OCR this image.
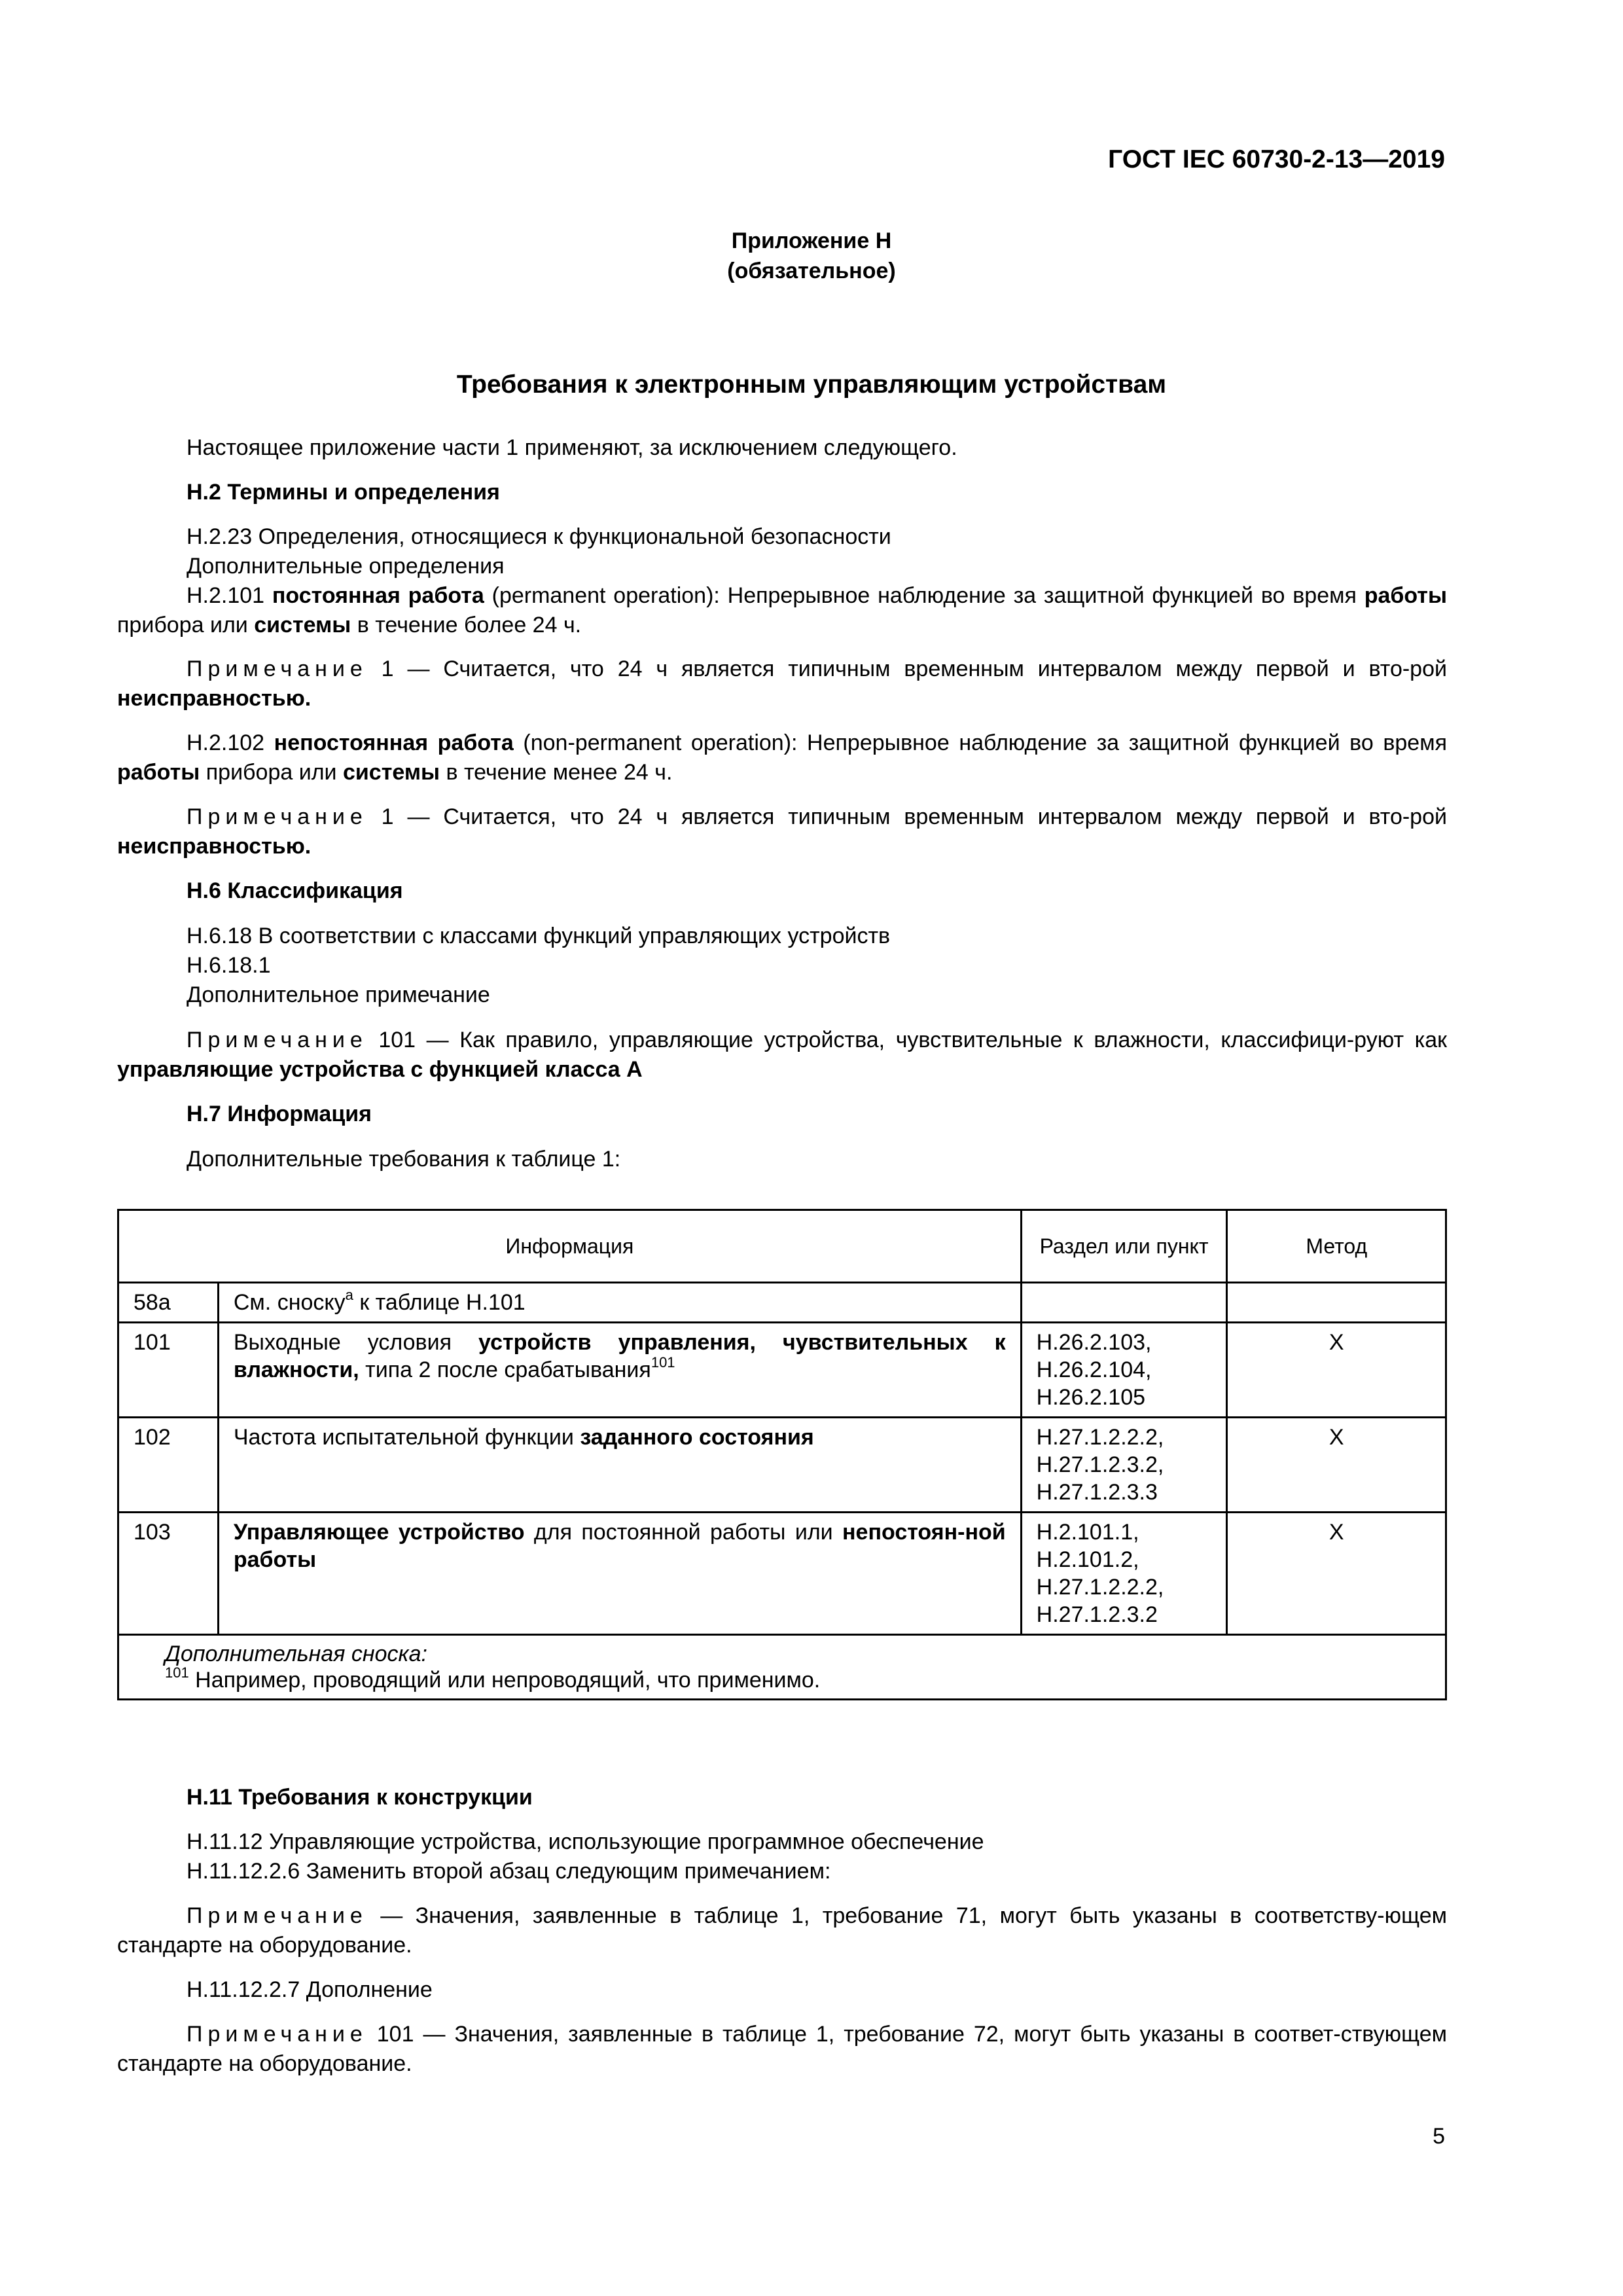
ГОСТ IEC 60730-2-13—2019
Приложение H
(обязательное)
Требования к электронным управляющим устройствам

Настоящее приложение части 1 применяют, за исключением следующего.

H.2 Термины и определения

H.2.23 Определения, относящиеся к функциональной безопасности

Дополнительные определения

H.2.101 постоянная работа (permanent operation): Непрерывное наблюдение за защитной функцией во время работы прибора или системы в течение более 24 ч.

Примечание 1 — Считается, что 24 ч является типичным временным интервалом между первой и вто-рой неисправностью.

H.2.102 непостоянная работа (non-permanent operation): Непрерывное наблюдение за защитной функцией во время работы прибора или системы в течение менее 24 ч.

Примечание 1 — Считается, что 24 ч является типичным временным интервалом между первой и вто-рой неисправностью.

H.6 Классификация

H.6.18 В соответствии с классами функций управляющих устройств

H.6.18.1

Дополнительное примечание

Примечание 101 — Как правило, управляющие устройства, чувствительные к влажности, классифици-руют как управляющие устройства с функцией класса А

H.7 Информация

Дополнительные требования к таблице 1:

Информация		Раздел или пункт	Метод
58a	См. сноску$^a$ к таблице H.101		
101	Выходные условия устройств управления, чувствительных к влажности, типа 2 после срабатывания$^{101}$	H.26.2.103,
H.26.2.104,
H.26.2.105	X
102	Частота испытательной функции заданного состояния	H.27.1.2.2.2,
H.27.1.2.3.2,
H.27.1.2.3.3	X
103	Управляющее устройство для постоянной работы или непостоян-ной работы	H.2.101.1,
H.2.101.2,
H.27.1.2.2.2,
H.27.1.2.3.2	X

Дополнительная сноска:
$^{101}$ Например, проводящий или непроводящий, что применимо.			

H.11 Требования к конструкции

H.11.12 Управляющие устройства, использующие программное обеспечение

H.11.12.2.6 Заменить второй абзац следующим примечанием:

Примечание — Значения, заявленные в таблице 1, требование 71, могут быть указаны в соответству-ющем стандарте на оборудование.

H.11.12.2.7 Дополнение

Примечание 101 — Значения, заявленные в таблице 1, требование 72, могут быть указаны в соответ-ствующем стандарте на оборудование.

5
